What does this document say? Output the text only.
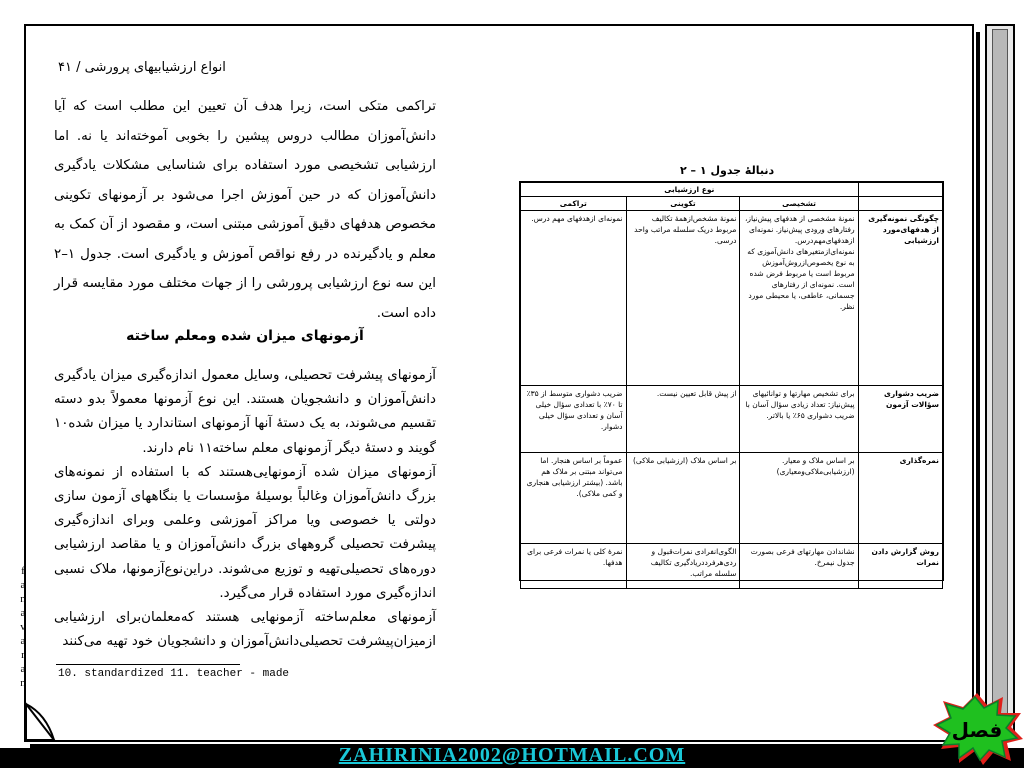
انواع ارزشیابیهای پرورشی / ۴۱
تراکمی متکی است، زیرا هدف آن تعیین این مطلب است که آیا دانش‌آموزان مطالب دروس پیشین را بخوبی آموخته‌اند یا نه. اما ارزشیابی تشخیصی مورد استفاده برای شناسایی مشکلات یادگیری دانش‌آموزان که در حین آموزش اجرا می‌شود بر آزمونهای تکوینی مخصوص هدفهای دقیق آموزشی مبتنی است، و مقصود از آن کمک به معلم و یادگیرنده در رفع نواقص آموزش و یادگیری است. جدول ۱–۲ این سه نوع ارزشیابی پرورشی را از جهات مختلف مورد مقایسه قرار داده است.
آزمونهای میزان شده ومعلم ساخته
آزمونهای پیشرفت تحصیلی، وسایل معمول اندازه‌گیری میزان یادگیری دانش‌آموزان و دانشجویان هستند. این نوع آزمونها معمولاً بدو دسته تقسیم می‌شوند، به یک دستهٔ آنها آزمونهای استاندارد یا میزان شده۱۰ گویند و دستهٔ دیگر آزمونهای معلم ساخته۱۱ نام دارند.
آزمونهای میزان شده آزمونهایی‌هستند که با استفاده از نمونه‌های بزرگ دانش‌آموزان وغالباً بوسیلهٔ مؤسسات یا بنگاههای آزمون سازی دولتی یا خصوصی ویا مراکز آموزشی وعلمی وبرای اندازه‌گیری پیشرفت تحصیلی گروههای بزرگ دانش‌آموزان و یا مقاصد ارزشیابی دوره‌های تحصیلی‌تهیه و توزیع می‌شوند. دراین‌نوع‌آزمونها، ملاک نسبی اندازه‌گیری مورد استفاده قرار می‌گیرد.
آزمونهای معلم‌ساخته آزمونهایی هستند که‌معلمان‌برای ارزشیابی ازمیزان‌پیشرفت تحصیلی‌دانش‌آموزان و دانشجویان خود تهیه می‌کنند
10. standardized 11. teacher - made
f
a
n
a
v
a
r
a
n
دنبالهٔ جدول ۱ – ۲
	نوع ارزشیابی		
	تشخیصی	تکوینی	تراکمی
چگونگی نمونه‌گیری از هدفهای‌مورد ارزشیابی	نمونهٔ مشخصی از هدفهای پیش‌نیاز، رفتارهای ورودی پیش‌نیاز. نمونه‌ای ازهدفهای‌مهم‌درس. نمونه‌ای‌ازمتغیرهای دانش‌آموزی که به نوع یخصوص‌ازروش‌آموزش مربوط است یا مربوط فرض شده است. نمونه‌ای از رفتارهای جسمانی، عاطفی، یا محیطی مورد نظر.	نمونهٔ مشخص‌ازهمهٔ تکالیف مربوط دریک سلسله مراتب واحد درسی.	نمونه‌ای ازهدفهای مهم درس.
ضریب دشواری سؤالات آزمون	برای تشخیص مهارتها و توانائیهای پیش‌نیاز: تعداد زیادی سؤال آسان با ضریب دشواری ۶۵٪ یا بالاتر.	از پیش قابل تعیین نیست.	ضریب دشواری متوسط از ۳۵٪ تا ۷۰٪ با تعدادی سؤال خیلی آسان و تعدادی سؤال خیلی دشوار.
نمره‌گذاری	بر اساس ملاک و معیار. (ارزشیابی‌ملاکی‌ومعیاری)	بر اساس ملاک (ارزشیابی ملاکی)	عموماً بر اساس هنجار. اما می‌تواند مبتنی بر ملاک هم باشد. (بیشتر ارزشیابی هنجاری و کمی ملاکی).
روش گزارش دادن نمرات	نشاندادن مهارتهای فرعی بصورت جدول نیمرخ.	الگوی‌انفرادی نمرات‌قبول و ردی‌هر‌فرد‌در‌یادگیری تکالیف سلسله مراتب.	نمرهٔ کلی یا نمرات فرعی برای هدفها.
ZAHIRINIA2002@HOTMAIL.COM
فصل
